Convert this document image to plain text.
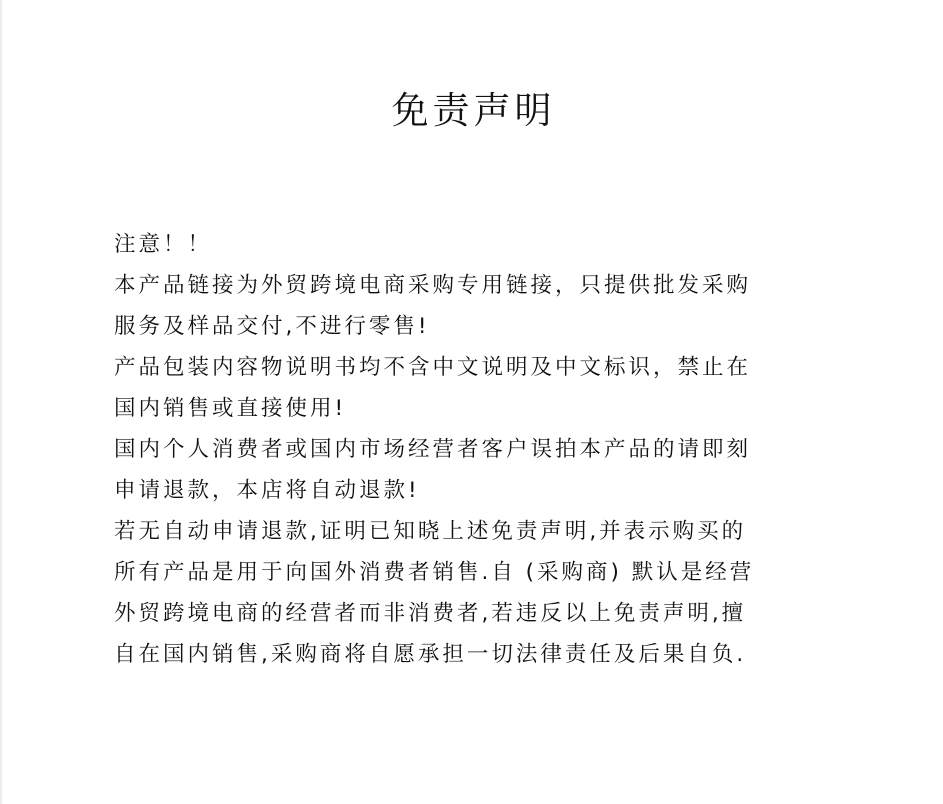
免责声明
注意！！
本产品链接为外贸跨境电商采购专用链接，只提供批发采购
服务及样品交付,不进行零售!
产品包装内容物说明书均不含中文说明及中文标识，禁止在
国内销售或直接使用!
国内个人消费者或国内市场经营者客户误拍本产品的请即刻
申请退款，本店将自动退款!
若无自动申请退款,证明已知晓上述免责声明,并表示购买的
所有产品是用于向国外消费者销售.自 (采购商) 默认是经营
外贸跨境电商的经营者而非消费者,若违反以上免责声明,擅
自在国内销售,采购商将自愿承担一切法律责任及后果自负.
